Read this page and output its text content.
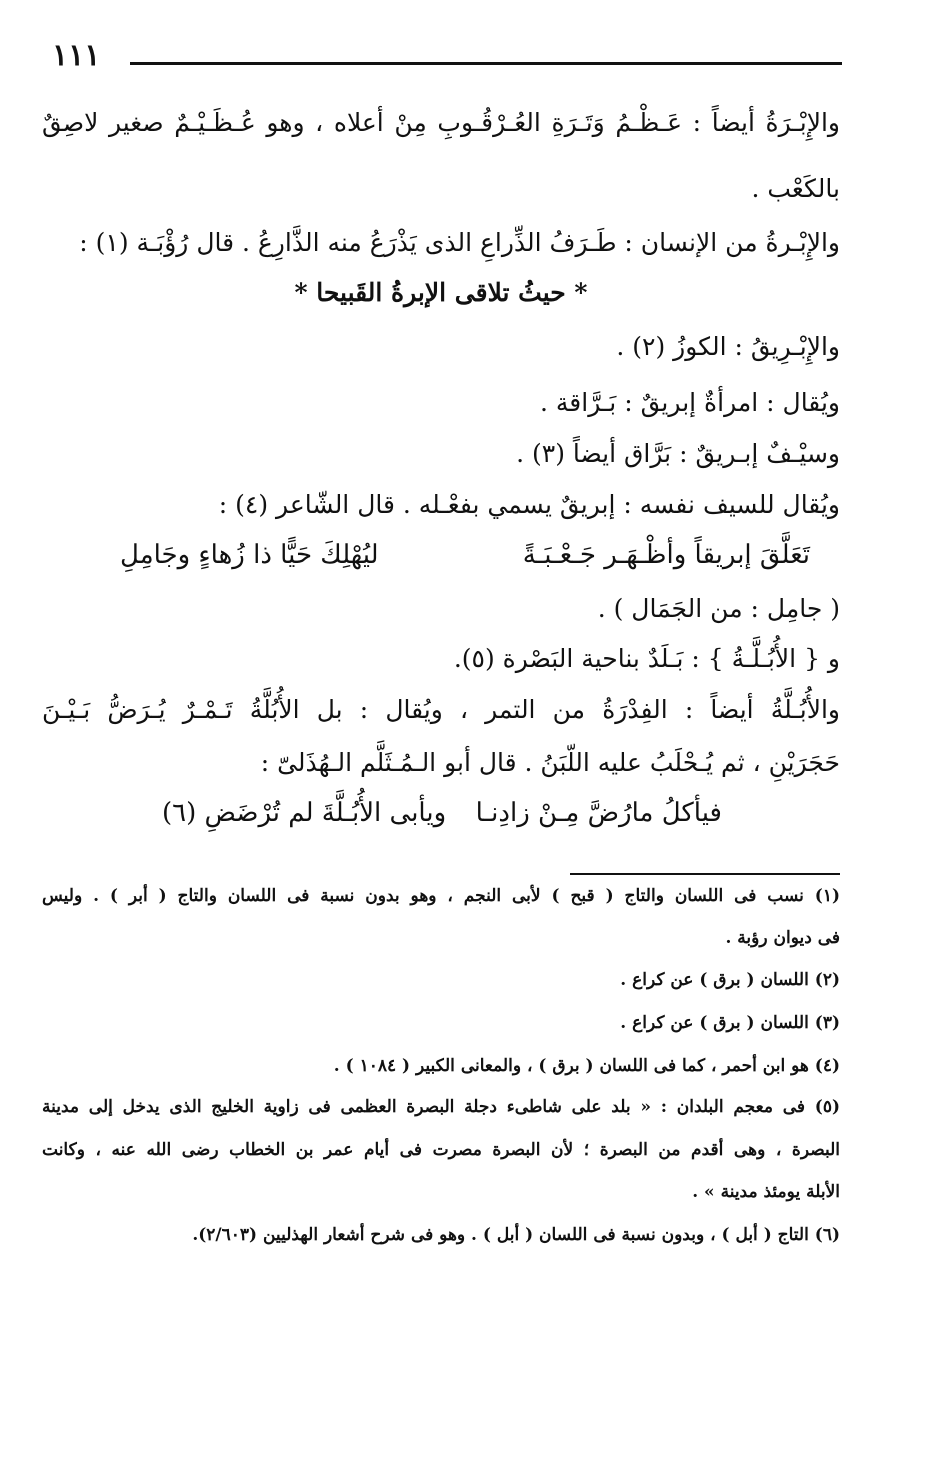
١١١
والإِبْـرَةُ أيضاً : عَـظْـمُ وَتَـرَةِ العُـرْقُـوبِ مِنْ أعلاه ، وهو عُـظَـيْـمٌ صغير لاصِقٌ
بالكَعْب .
والإِبْـرةُ من الإنسان : طَـرَفُ الذِّراعِ الذى يَذْرَعُ منه الذَّارِعُ . قال رُؤْبَـة (١) :
* حيثُ تلاقى الإبرةُ القَبيحا *
والإِبْـرِيقُ : الكوزُ (٢) .
ويُقال : امرأةٌ إبريقٌ : بَـرَّاقة .
وسيْـفٌ إبـريقٌ : بَرَّاق أيضاً (٣) .
ويُقال للسيف نفسه : إبريقٌ يسمي بفعْـله . قال الشّاعر (٤) :
تَعَلَّقَ إبريقاً وأظْـهَـر جَـعْـبَـةً
ليُهْلِكَ حَيًّا ذا زُهاءٍ وجَامِلِ
( جامِل : من الجَمَال ) .
و { الأُبُـلَّـةُ } : بَـلَدٌ بناحية البَصْرة (٥).
والأُبُـلَّةُ أيضاً : الفِدْرَةُ من التمر ، ويُقال : بل الأُبُلَّةُ تَـمْـرٌ يُـرَضُّ بَـيْـنَ
حَجَرَيْنِ ، ثم يُـحْلَبُ عليه اللّبَنُ . قال أبو الـمُـثَلَّم الـهُذَلىّ :
فيأكلُ مارُضَّ مِـنْ زادِنـا
ويأبى الأُبُـلَّةَ لم تُرْضَضِ (٦)
(١) نسب فى اللسان والتاج ( قبح ) لأبى النجم ، وهو بدون نسبة فى اللسان والتاج ( أبر ) . وليس
فى ديوان رؤبة .
(٢) اللسان ( برق ) عن كراع .
(٣) اللسان ( برق ) عن كراع .
(٤) هو ابن أحمر ، كما فى اللسان ( برق ) ، والمعانى الكبير ( ١٠٨٤ ) .
(٥) فى معجم البلدان : « بلد على شاطىء دجلة البصرة العظمى فى زاوية الخليج الذى يدخل إلى مدينة
البصرة ، وهى أقدم من البصرة ؛ لأن البصرة مصرت فى أيام عمر بن الخطاب رضى الله عنه ، وكانت
الأبلة يومئذ مدينة » .
(٦) التاج ( أبل ) ، وبدون نسبة فى اللسان ( أبل ) . وهو فى شرح أشعار الهذليين (٢/٦٠٣).
